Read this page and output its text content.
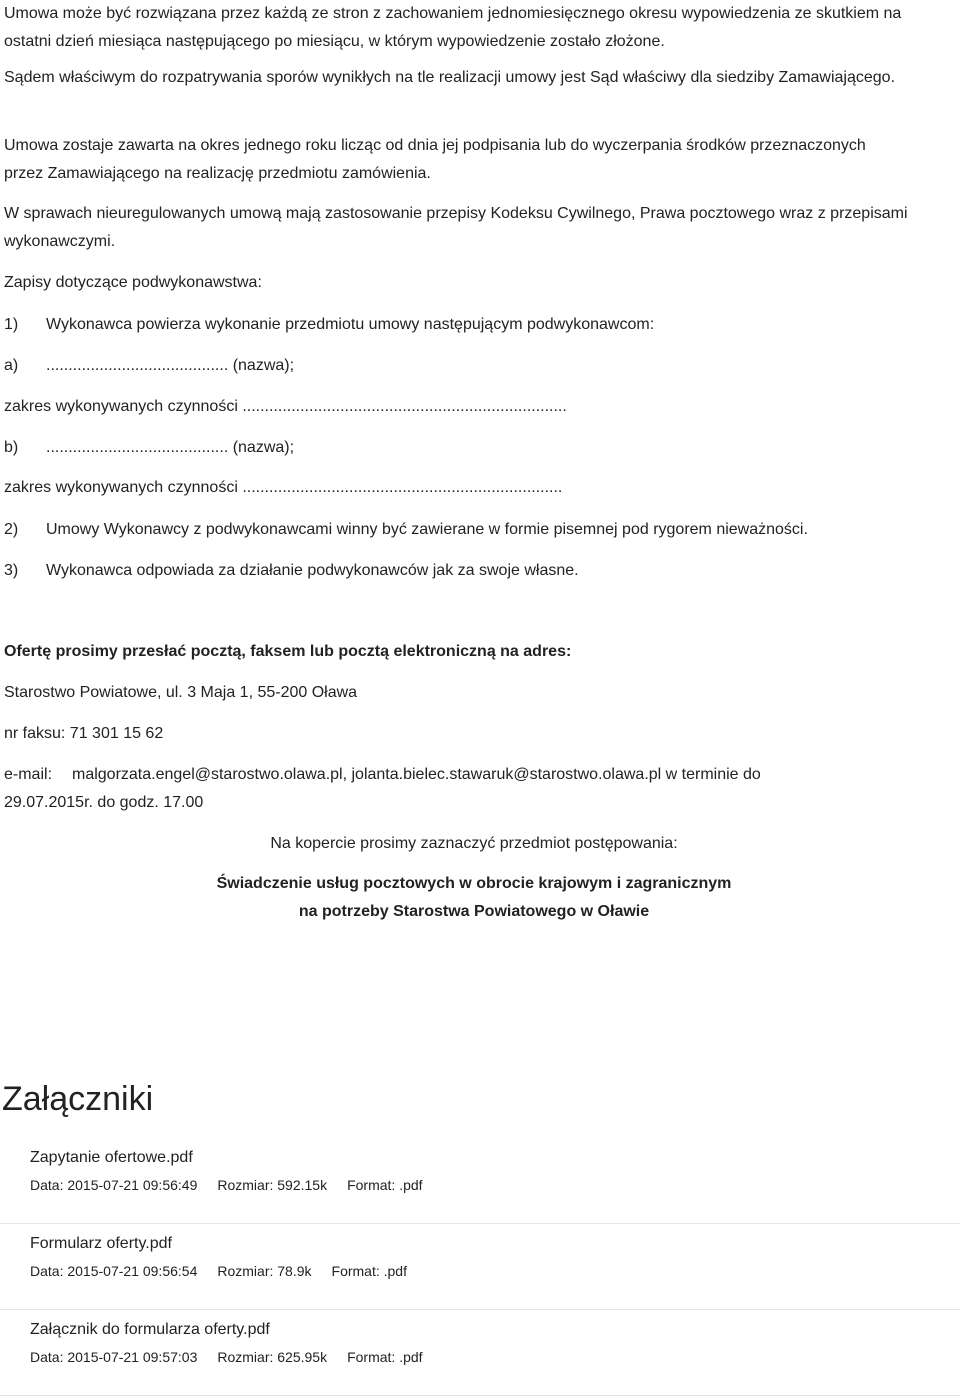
Umowa może być rozwiązana przez każdą ze stron z zachowaniem jednomiesięcznego okresu wypowiedzenia ze skutkiem na ostatni dzień miesiąca następującego po miesiącu, w którym wypowiedzenie zostało złożone.

Sądem właściwym do rozpatrywania sporów wynikłych na tle realizacji umowy jest Sąd właściwy dla siedziby Zamawiającego.

Umowa zostaje zawarta na okres jednego roku licząc od dnia jej podpisania lub do wyczerpania środków przeznaczonych przez Zamawiającego na realizację przedmiotu zamówienia.

W sprawach nieuregulowanych umową mają zastosowanie przepisy Kodeksu Cywilnego, Prawa pocztowego wraz z przepisami wykonawczymi.

Zapisy dotyczące podwykonawstwa:

1) Wykonawca powierza wykonanie przedmiotu umowy następującym podwykonawcom:

a) ......................................... (nazwa);

zakres wykonywanych czynności .........................................................................

b) ......................................... (nazwa);

zakres wykonywanych czynności ........................................................................

2) Umowy Wykonawcy z podwykonawcami winny być zawierane w formie pisemnej pod rygorem nieważności.

3) Wykonawca odpowiada za działanie podwykonawców jak za swoje własne.

Ofertę prosimy przesłać pocztą, faksem lub pocztą elektroniczną na adres:

Starostwo Powiatowe, ul. 3 Maja 1, 55-200 Oława

nr faksu: 71 301 15 62

e-mail: malgorzata.engel@starostwo.olawa.pl, jolanta.bielec.stawaruk@starostwo.olawa.pl w terminie do

29.07.2015r. do godz. 17.00

Na kopercie prosimy zaznaczyć przedmiot postępowania:

Świadczenie usług pocztowych w obrocie krajowym i zagranicznym

na potrzeby Starostwa Powiatowego w Oławie

Załączniki
Zapytanie ofertowe.pdf
Data: 2015-07-21 09:56:49 Rozmiar: 592.15k Format: .pdf
Formularz oferty.pdf
Data: 2015-07-21 09:56:54 Rozmiar: 78.9k Format: .pdf
Załącznik do formularza oferty.pdf
Data: 2015-07-21 09:57:03 Rozmiar: 625.95k Format: .pdf
